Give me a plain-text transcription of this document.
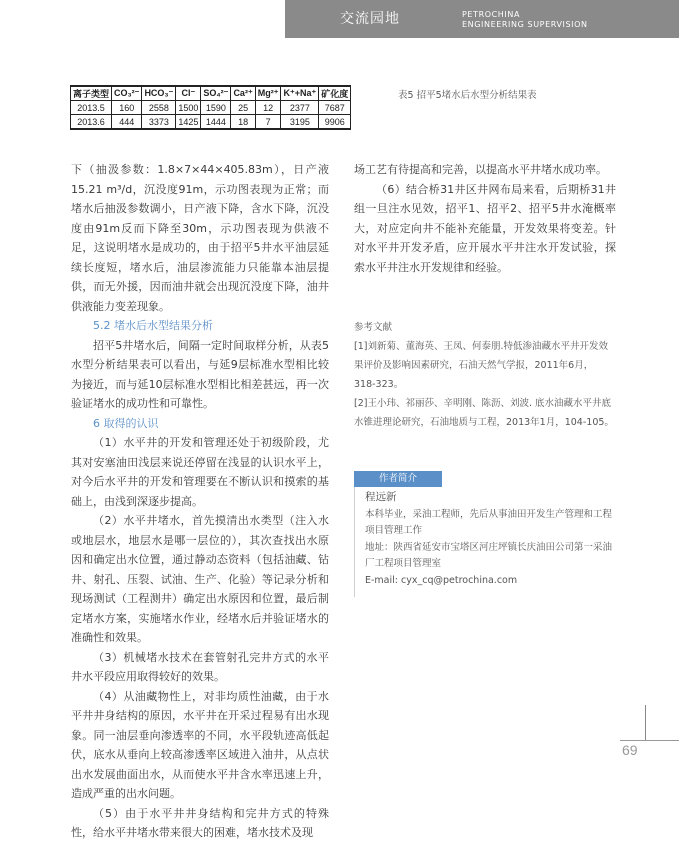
交流园地	PETROCHINA
ENGINEERING SUPERVISION
离子类型	CO₃²⁻	HCO₃⁻	Cl⁻	SO₄²⁻	Ca²⁺	Mg²⁺	K⁺+Na⁺	矿化度
2013.5	160	2558	1500	1590	25	12	2377	7687
2013.6	444	3373	1425	1444	18	7	3195	9906
表5 招平5堵水后水型分析结果表

下（抽汲参数：1.8×7×44×405.83m），日产液15.21 m³/d，沉没度91m，示功图表现为正常；而堵水后抽汲参数调小，日产液下降，含水下降，沉没度由91m反而下降至30m，示功图表现为供液不足，这说明堵水是成功的，由于招平5井水平油层延续长度短，堵水后，油层渗流能力只能靠本油层提供，而无外援，因而油井就会出现沉没度下降，油井供液能力变差现象。

5.2 堵水后水型结果分析

招平5井堵水后，间隔一定时间取样分析，从表5水型分析结果表可以看出，与延9层标准水型相比较为接近，而与延10层标准水型相比相差甚远，再一次验证堵水的成功性和可靠性。

6 取得的认识

（1）水平井的开发和管理还处于初级阶段，尤其对安塞油田浅层来说还停留在浅显的认识水平上，对今后水平井的开发和管理要在不断认识和摸索的基础上，由浅到深逐步提高。

（2）水平井堵水，首先摸清出水类型（注入水或地层水，地层水是哪一层位的），其次查找出水原因和确定出水位置，通过静动态资料（包括油藏、钻井、射孔、压裂、试油、生产、化验）等记录分析和现场测试（工程测井）确定出水原因和位置，最后制定堵水方案，实施堵水作业，经堵水后并验证堵水的准确性和效果。

（3）机械堵水技术在套管射孔完井方式的水平井水平段应用取得较好的效果。

（4）从油藏物性上，对非均质性油藏，由于水平井井身结构的原因，水平井在开采过程易有出水现象。同一油层垂向渗透率的不同，水平段轨迹高低起伏，底水从垂向上较高渗透率区域进入油井，从点状出水发展曲面出水，从而使水平井含水率迅速上升，造成严重的出水问题。

（5）由于水平井井身结构和完井方式的特殊性，给水平井堵水带来很大的困难，堵水技术及现

场工艺有待提高和完善，以提高水平井堵水成功率。

（6）结合桥31井区井网布局来看，后期桥31井组一旦注水见效，招平1、招平2、招平5井水淹概率大，对应定向井不能补充能量，开发效果将变差。针对水平井开发矛盾，应开展水平井注水开发试验，探索水平井注水开发规律和经验。

参考文献

[1]刘新菊、董海英、王凤、何泰朋.特低渗油藏水平井开发效果评价及影响因素研究，石油天然气学报，2011年6月，318-323。

[2]王小玮、祁丽莎、辛明刚、陈沥、刘波. 底水油藏水平井底水锥进理论研究，石油地质与工程，2013年1月，104-105。

作者简介

程远新

本科毕业，采油工程师，先后从事油田开发生产管理和工程项目管理工作

地址：陕西省延安市宝塔区河庄坪镇长庆油田公司第一采油厂工程项目管理室

E-mail: cyx_cq@petrochina.com

69
